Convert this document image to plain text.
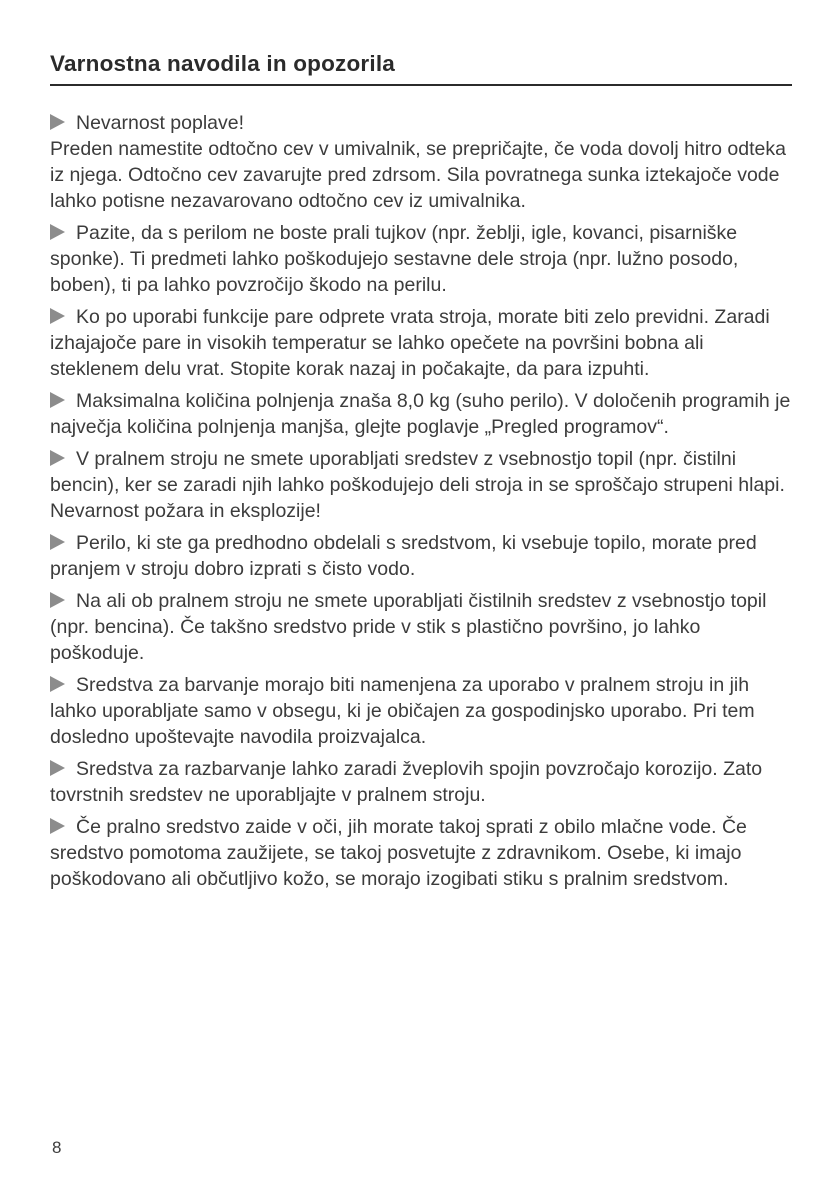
Varnostna navodila in opozorila

Nevarnost poplave!
Preden namestite odtočno cev v umivalnik, se prepričajte, če voda dovolj hitro odteka iz njega. Odtočno cev zavarujte pred zdrsom. Sila povratnega sunka iztekajoče vode lahko potisne nezavarovano odtočno cev iz umivalnika.

Pazite, da s perilom ne boste prali tujkov (npr. žeblji, igle, kovanci, pisarniške sponke). Ti predmeti lahko poškodujejo sestavne dele stroja (npr. lužno posodo, boben), ti pa lahko povzročijo škodo na perilu.

Ko po uporabi funkcije pare odprete vrata stroja, morate biti zelo previdni. Zaradi izhajajoče pare in visokih temperatur se lahko opečete na površini bobna ali steklenem delu vrat. Stopite korak nazaj in počakajte, da para izpuhti.

Maksimalna količina polnjenja znaša 8,0 kg (suho perilo). V določenih programih je največja količina polnjenja manjša, glejte poglavje „Pregled programov“.

V pralnem stroju ne smete uporabljati sredstev z vsebnostjo topil (npr. čistilni bencin), ker se zaradi njih lahko poškodujejo deli stroja in se sproščajo strupeni hlapi. Nevarnost požara in eksplozije!

Perilo, ki ste ga predhodno obdelali s sredstvom, ki vsebuje topilo, morate pred pranjem v stroju dobro izprati s čisto vodo.

Na ali ob pralnem stroju ne smete uporabljati čistilnih sredstev z vsebnostjo topil (npr. bencina). Če takšno sredstvo pride v stik s plastično površino, jo lahko poškoduje.

Sredstva za barvanje morajo biti namenjena za uporabo v pralnem stroju in jih lahko uporabljate samo v obsegu, ki je običajen za gospodinjsko uporabo. Pri tem dosledno upoštevajte navodila proizvajalca.

Sredstva za razbarvanje lahko zaradi žveplovih spojin povzročajo korozijo. Zato tovrstnih sredstev ne uporabljajte v pralnem stroju.

Če pralno sredstvo zaide v oči, jih morate takoj sprati z obilo mlačne vode. Če sredstvo pomotoma zaužijete, se takoj posvetujte z zdravnikom. Osebe, ki imajo poškodovano ali občutljivo kožo, se morajo izogibati stiku s pralnim sredstvom.

8
